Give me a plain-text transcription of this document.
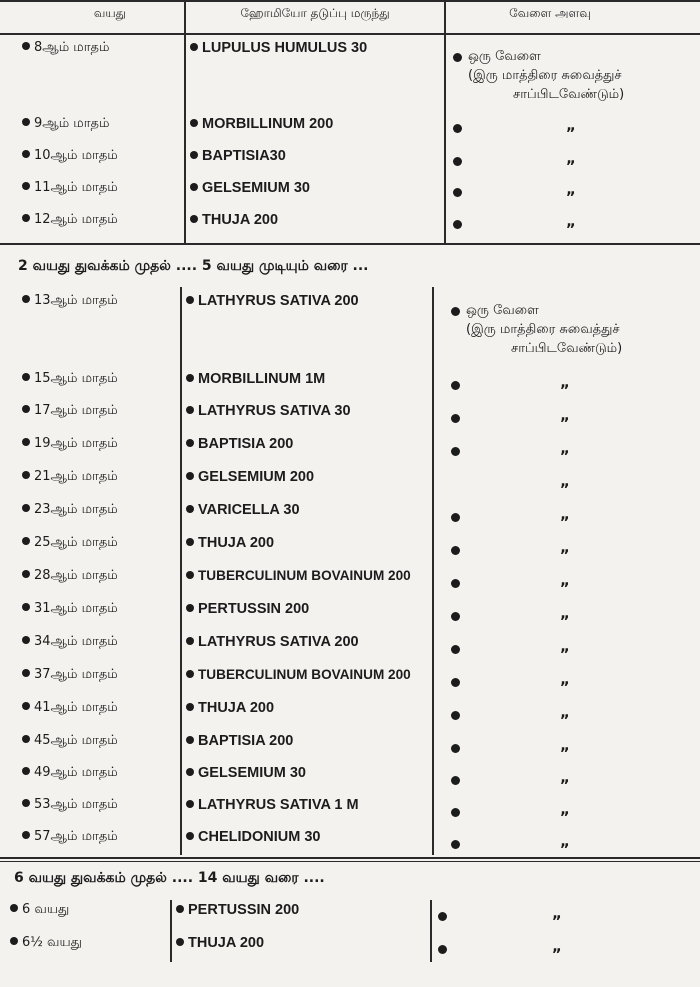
வயது	ஹோமியோ தடுப்பு மருந்து	வேளை அளவு
8ஆம் மாதம்	LUPULUS HUMULUS 30
ஒரு வேளை
(இரு மாத்திரை சுவைத்துச்
சாப்பிடவேண்டும்)
9ஆம் மாதம்	MORBILLINUM 200	„
10ஆம் மாதம்	BAPTISIA30	„
11ஆம் மாதம்	GELSEMIUM 30	„
12ஆம் மாதம்	THUJA 200	„
2 வயது துவக்கம் முதல் .... 5 வயது முடியும் வரை ...
13ஆம் மாதம்	LATHYRUS SATIVA 200
ஒரு வேளை
(இரு மாத்திரை சுவைத்துச்
சாப்பிடவேண்டும்)
15ஆம் மாதம்	MORBILLINUM 1M	„
17ஆம் மாதம்	LATHYRUS SATIVA 30	„
19ஆம் மாதம்	BAPTISIA 200	„
21ஆம் மாதம்	GELSEMIUM 200	„
23ஆம் மாதம்	VARICELLA 30	„
25ஆம் மாதம்	THUJA 200	„
28ஆம் மாதம்	TUBERCULINUM BOVAINUM 200	„
31ஆம் மாதம்	PERTUSSIN 200	„
34ஆம் மாதம்	LATHYRUS SATIVA 200	„
37ஆம் மாதம்	TUBERCULINUM BOVAINUM 200	„
41ஆம் மாதம்	THUJA 200	„
45ஆம் மாதம்	BAPTISIA 200	„
49ஆம் மாதம்	GELSEMIUM 30	„
53ஆம் மாதம்	LATHYRUS SATIVA 1 M	„
57ஆம் மாதம்	CHELIDONIUM 30	„
6 வயது துவக்கம் முதல் .... 14 வயது வரை ....
6 வயது	PERTUSSIN 200	„
6½ வயது	THUJA 200	„
